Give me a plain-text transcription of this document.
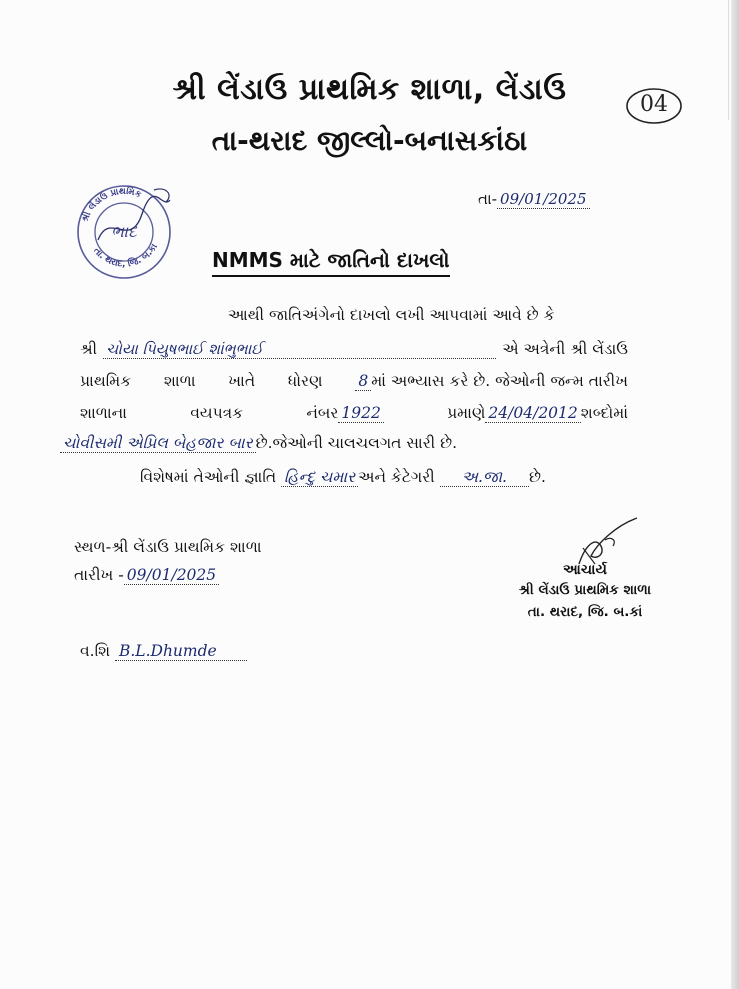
શ્રી લેંડાઉ પ્રાથમિક શાળા, લેંડાઉ
તા-થરાદ જીલ્લો-બનાસકાંઠા
04
તા- 09/01/2025
શ્રી લેંડાઉ પ્રાથમિક
તા. થરાદ, જિ. બ.કાં
ભાદ
NMMS માટે જાતિનો દાખલો
આથી જાતિઅંગેનો દાખલો લખી આપવામાં આવે છે કે
શ્રી ચોયા પિયુષભાઈ શાંભુભાઈ	એ અત્રેની શ્રી લેંડાઉ
પ્રાથમિક શાળા ખાતે ધોરણ 8 માં અભ્યાસ કરે છે. જેઓની જન્મ તારીખ
શાળાના	વયપત્રક	નંબર 1922	પ્રમાણે 24/04/2012 શબ્દોમાં
ચોવીસમી એપ્રિલ બેહજાર બાર છે.જેઓની ચાલચલગત સારી છે.
વિશેષમાં તેઓની જ્ઞાતિ હિન્દુ ચમાર અને કેટેગરી અ.જા. છે.
સ્થળ-શ્રી લેંડાઉ પ્રાથમિક શાળા
તારીખ - 09/01/2025
વ.શિ B.L.Dhumde
આચાર્ય
શ્રી લેંડાઉ પ્રાથમિક શાળા
તા. થરાદ, જિ. બ.કાં
